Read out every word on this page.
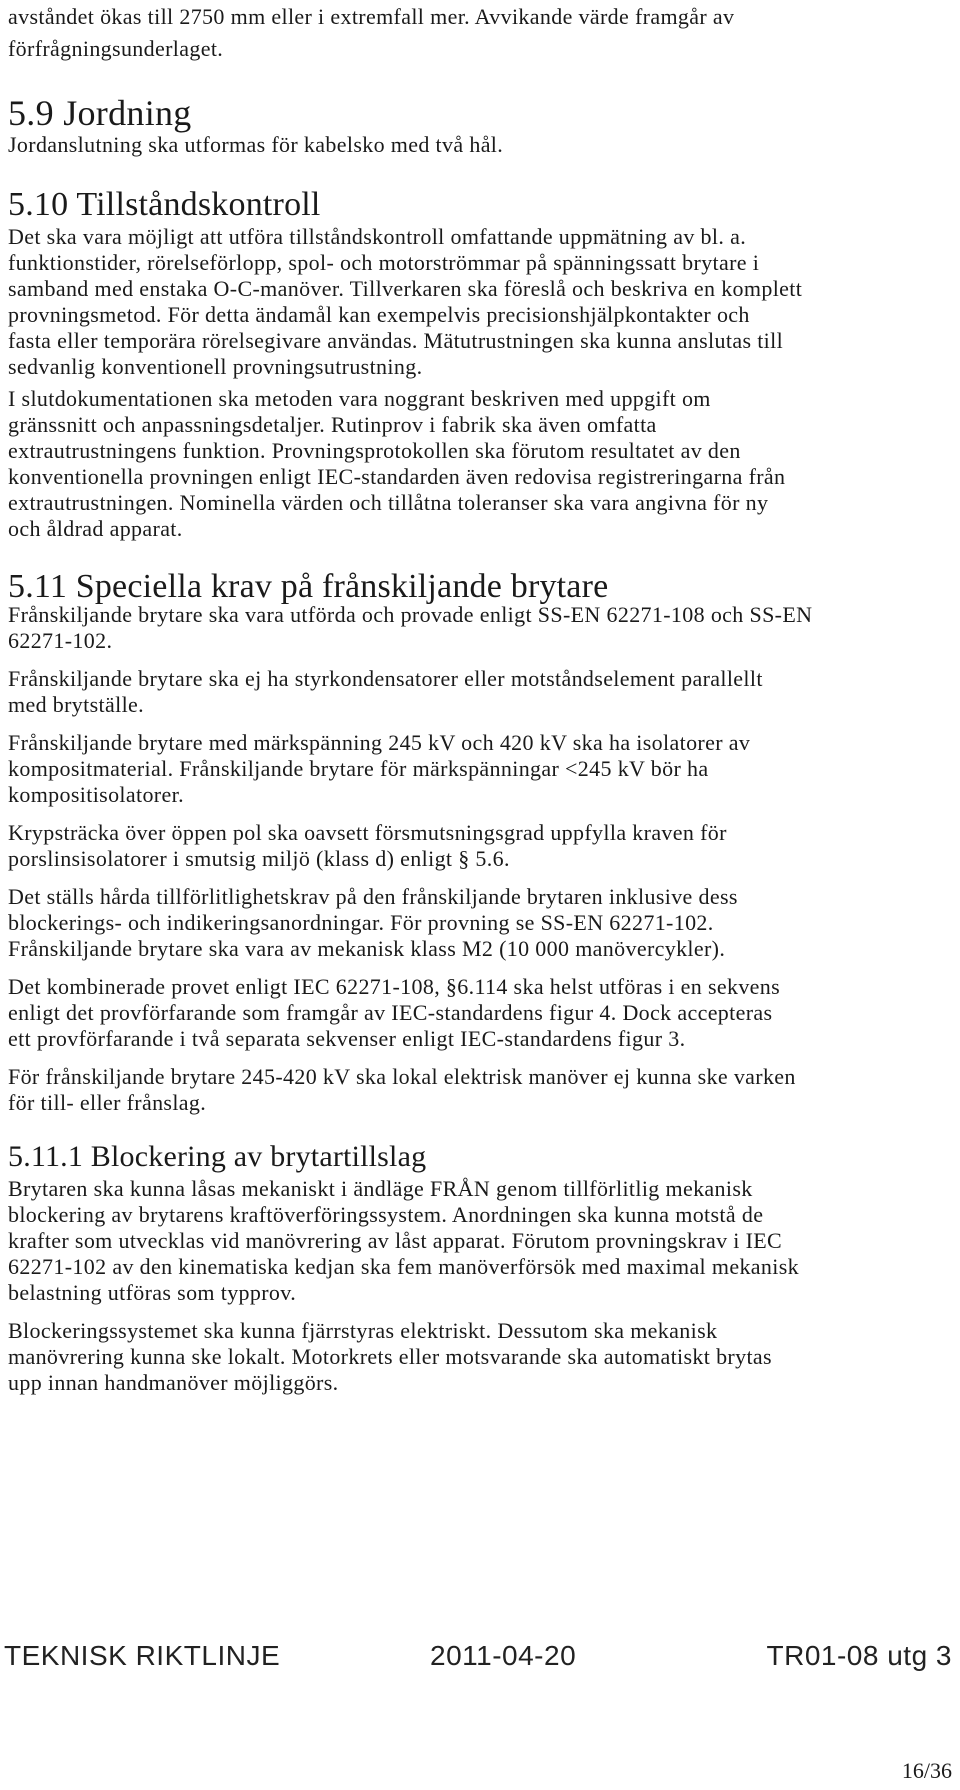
avståndet ökas till 2750 mm eller i extremfall mer. Avvikande värde framgår av
förfrågningsunderlaget.
5.9 Jordning
Jordanslutning ska utformas för kabelsko med två hål.
5.10 Tillståndskontroll
Det ska vara möjligt att utföra tillståndskontroll omfattande uppmätning av bl. a.
funktionstider, rörelseförlopp, spol- och motorströmmar på spänningssatt brytare i
samband med enstaka O-C-manöver. Tillverkaren ska föreslå och beskriva en komplett
provningsmetod. För detta ändamål kan exempelvis precisionshjälpkontakter och
fasta eller temporära rörelsegivare användas. Mätutrustningen ska kunna anslutas till
sedvanlig konventionell provningsutrustning.
I slutdokumentationen ska metoden vara noggrant beskriven med uppgift om
gränssnitt och anpassningsdetaljer. Rutinprov i fabrik ska även omfatta
extrautrustningens funktion. Provningsprotokollen ska förutom resultatet av den
konventionella provningen enligt IEC-standarden även redovisa registreringarna från
extrautrustningen. Nominella värden och tillåtna toleranser ska vara angivna för ny
och åldrad apparat.
5.11 Speciella krav på frånskiljande brytare
Frånskiljande brytare ska vara utförda och provade enligt SS-EN 62271-108 och SS-EN
62271-102.
Frånskiljande brytare ska ej ha styrkondensatorer eller motståndselement parallellt
med brytställe.
Frånskiljande brytare med märkspänning 245 kV och 420 kV ska ha isolatorer av
kompositmaterial. Frånskiljande brytare för märkspänningar <245 kV bör ha
kompositisolatorer.
Krypsträcka över öppen pol ska oavsett försmutsningsgrad uppfylla kraven för
porslinsisolatorer i smutsig miljö (klass d) enligt § 5.6.
Det ställs hårda tillförlitlighetskrav på den frånskiljande brytaren inklusive dess
blockerings- och indikeringsanordningar. För provning se SS-EN 62271-102.
Frånskiljande brytare ska vara av mekanisk klass M2 (10 000 manövercykler).
Det kombinerade provet enligt IEC 62271-108, §6.114 ska helst utföras i en sekvens
enligt det provförfarande som framgår av IEC-standardens figur 4. Dock accepteras
ett provförfarande i två separata sekvenser enligt IEC-standardens figur 3.
För frånskiljande brytare 245-420 kV ska lokal elektrisk manöver ej kunna ske varken
för till- eller frånslag.
5.11.1 Blockering av brytartillslag
Brytaren ska kunna låsas mekaniskt i ändläge FRÅN genom tillförlitlig mekanisk
blockering av brytarens kraftöverföringssystem. Anordningen ska kunna motstå de
krafter som utvecklas vid manövrering av låst apparat. Förutom provningskrav i IEC
62271-102 av den kinematiska kedjan ska fem manöverförsök med maximal mekanisk
belastning utföras som typprov.
Blockeringssystemet ska kunna fjärrstyras elektriskt. Dessutom ska mekanisk
manövrering kunna ske lokalt. Motorkrets eller motsvarande ska automatiskt brytas
upp innan handmanöver möjliggörs.
TEKNISK RIKTLINJE	2011-04-20	TR01-08 utg 3
16/36
